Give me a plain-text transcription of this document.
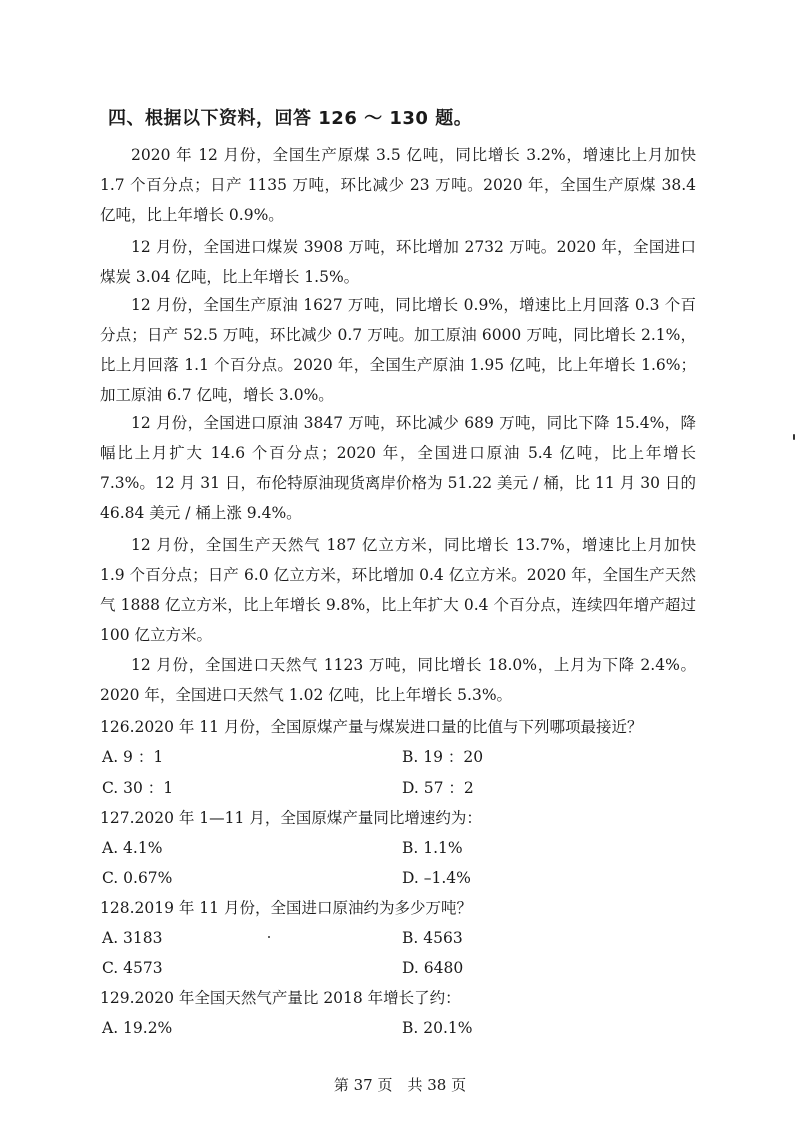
四、根据以下资料，回答 126 ～ 130 题。

2020 年 12 月份，全国生产原煤 3.5 亿吨，同比增长 3.2%，增速比上月加快 1.7 个百分点；日产 1135 万吨，环比减少 23 万吨。2020 年，全国生产原煤 38.4 亿吨，比上年增长 0.9%。

12 月份，全国进口煤炭 3908 万吨，环比增加 2732 万吨。2020 年，全国进口煤炭 3.04 亿吨，比上年增长 1.5%。

12 月份，全国生产原油 1627 万吨，同比增长 0.9%，增速比上月回落 0.3 个百分点；日产 52.5 万吨，环比减少 0.7 万吨。加工原油 6000 万吨，同比增长 2.1%，比上月回落 1.1 个百分点。2020 年，全国生产原油 1.95 亿吨，比上年增长 1.6%；加工原油 6.7 亿吨，增长 3.0%。

12 月份，全国进口原油 3847 万吨，环比减少 689 万吨，同比下降 15.4%，降幅比上月扩大 14.6 个百分点；2020 年，全国进口原油 5.4 亿吨，比上年增长 7.3%。12 月 31 日，布伦特原油现货离岸价格为 51.22 美元 / 桶，比 11 月 30 日的 46.84 美元 / 桶上涨 9.4%。

12 月份，全国生产天然气 187 亿立方米，同比增长 13.7%，增速比上月加快 1.9 个百分点；日产 6.0 亿立方米，环比增加 0.4 亿立方米。2020 年，全国生产天然气 1888 亿立方米，比上年增长 9.8%，比上年扩大 0.4 个百分点，连续四年增产超过 100 亿立方米。

12 月份，全国进口天然气 1123 万吨，同比增长 18.0%，上月为下降 2.4%。2020 年，全国进口天然气 1.02 亿吨，比上年增长 5.3%。

126.2020 年 11 月份，全国原煤产量与煤炭进口量的比值与下列哪项最接近？
A. 9 ：1	B. 19 ：20
C. 30 ：1	D. 57 ：2
127.2020 年 1—11 月，全国原煤产量同比增速约为：
A. 4.1%	B. 1.1%
C. 0.67%	D. –1.4%
128.2019 年 11 月份，全国进口原油约为多少万吨？
A. 3183	B. 4563
C. 4573	D. 6480
129.2020 年全国天然气产量比 2018 年增长了约：
A. 19.2%	B. 20.1%
第 37 页　共 38 页
